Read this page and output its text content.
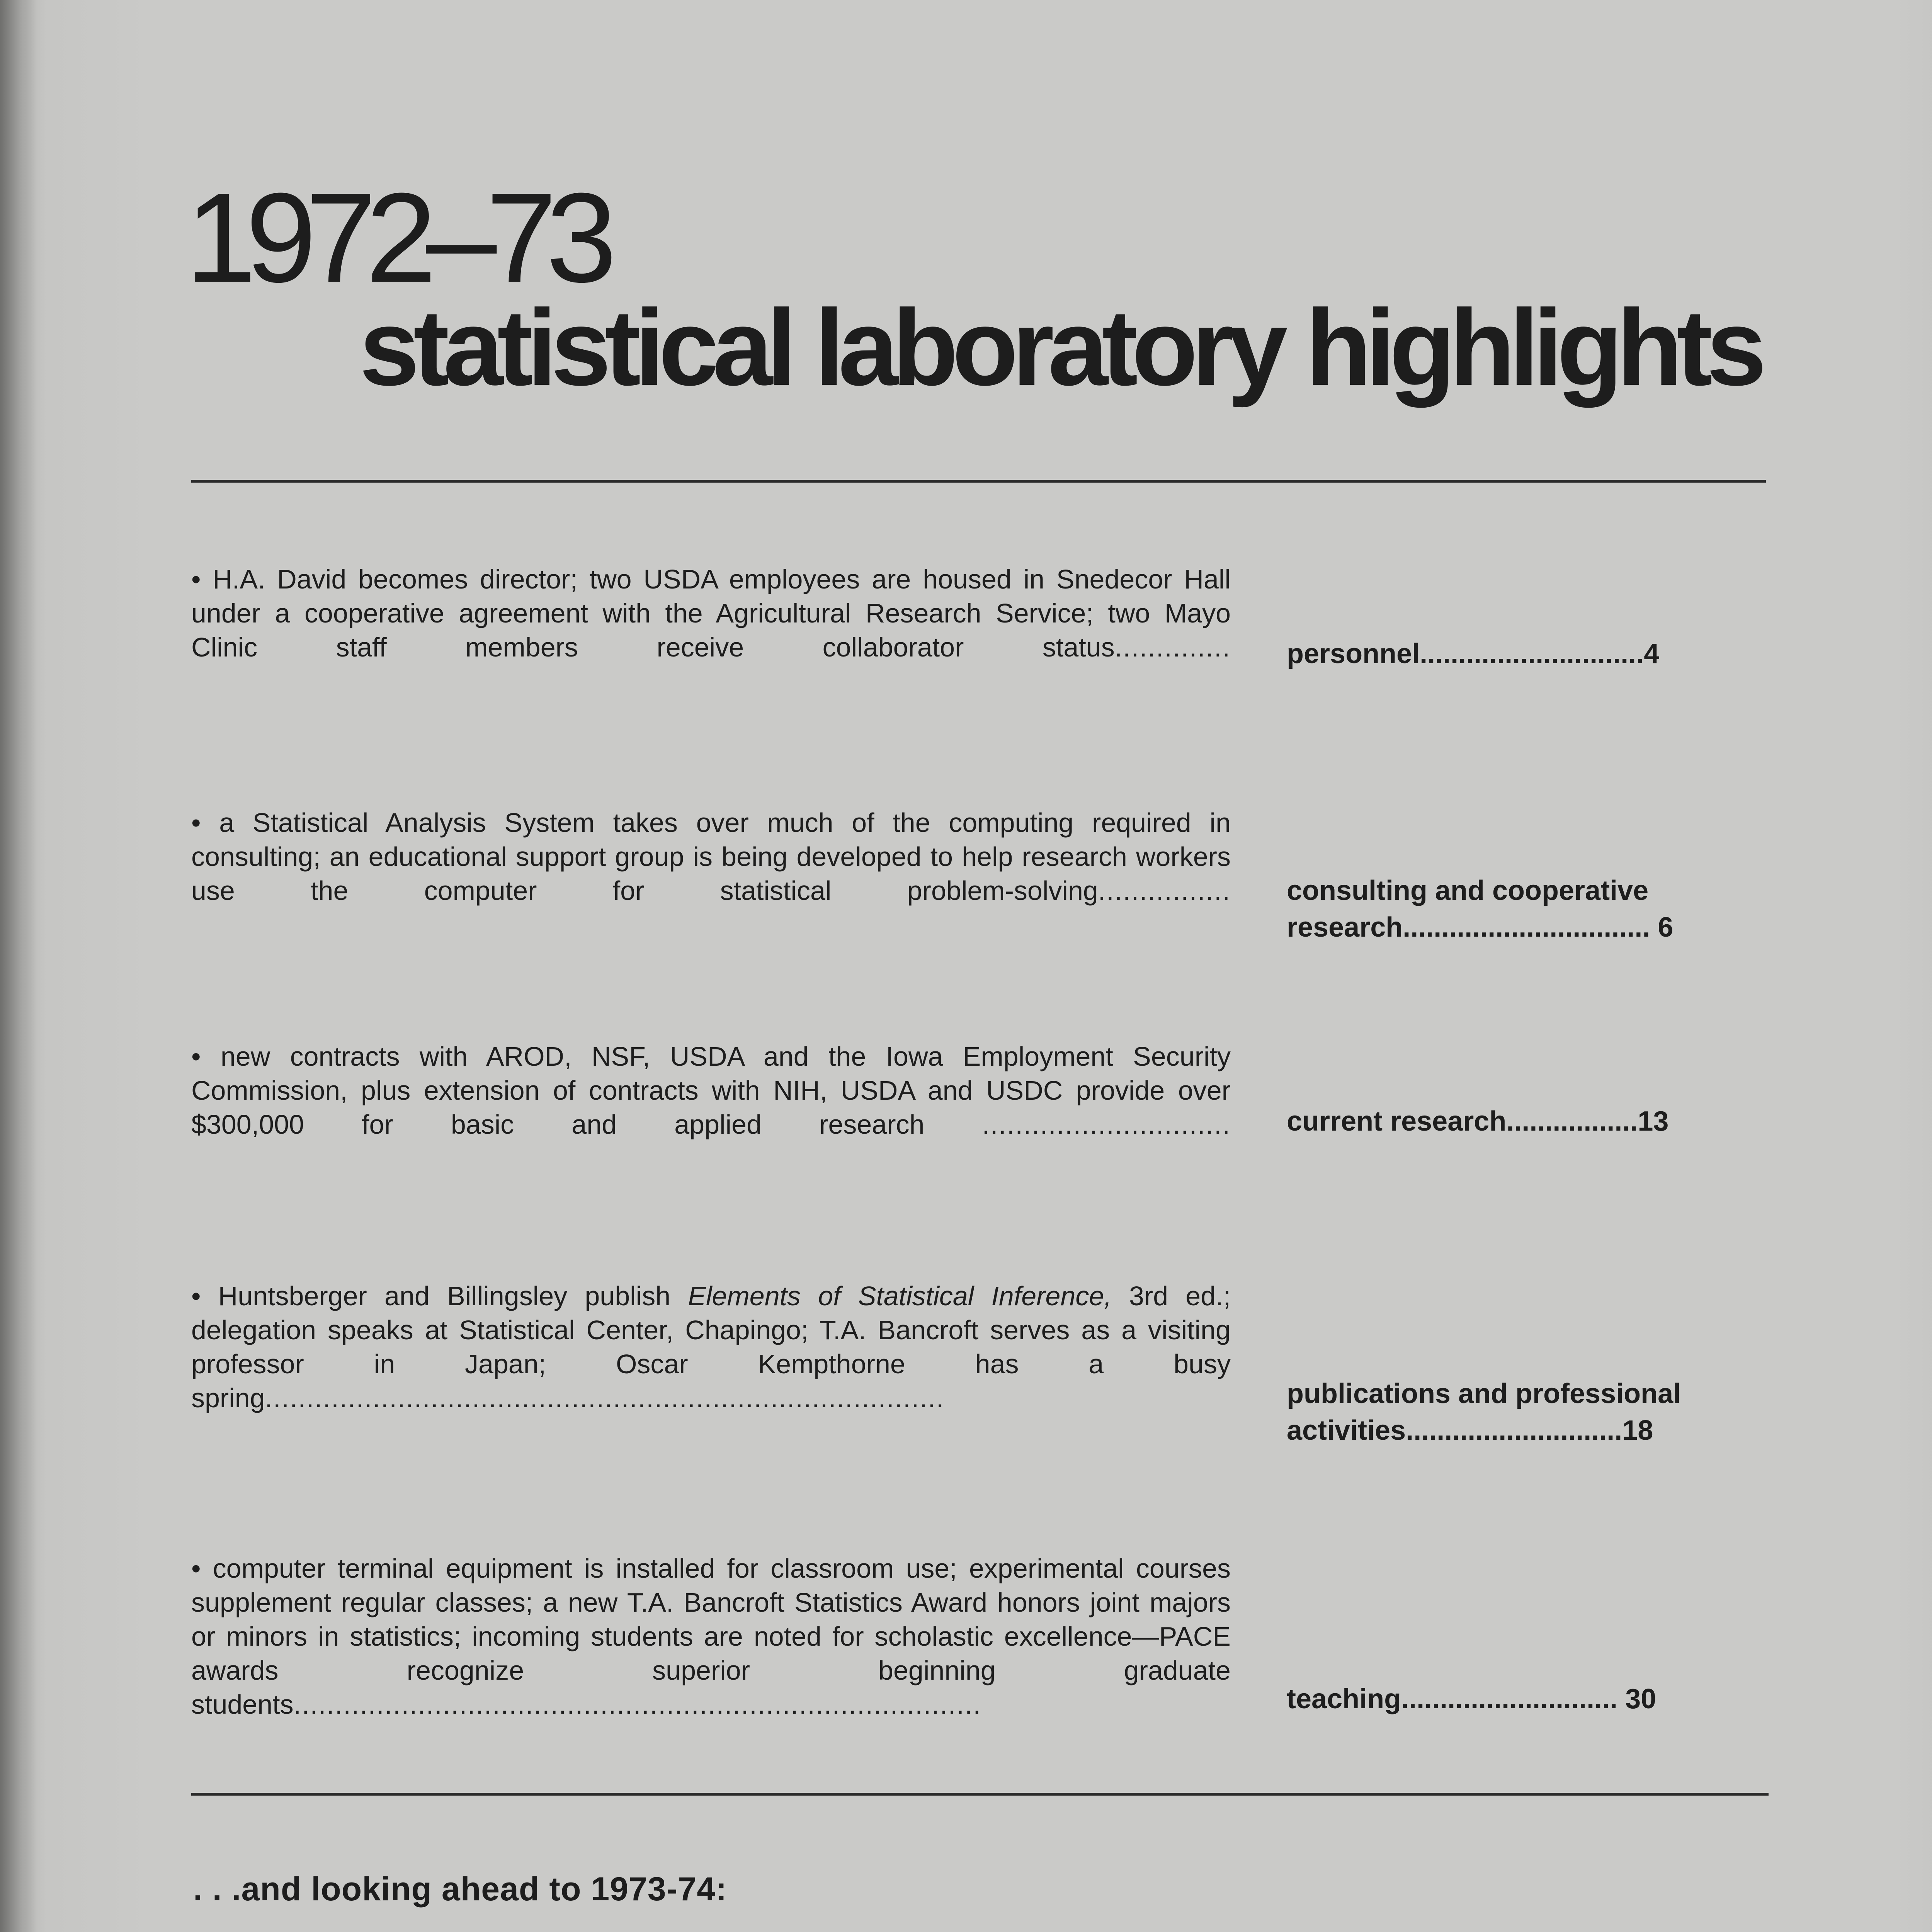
1972–73
statistical laboratory highlights
• H.A. David becomes director; two USDA employees are housed in Snedecor Hall under a cooperative agreement with the Agricultural Research Service; two Mayo Clinic staff members receive collaborator status.............. personnel.............................4
• a Statistical Analysis System takes over much of the computing required in consulting; an educational support group is being developed to help research workers use the computer for statistical problem-solving................ consulting and cooperative research................................ 6
• new contracts with AROD, NSF, USDA and the Iowa Employment Security Commission, plus extension of contracts with NIH, USDA and USDC provide over $300,000 for basic and applied research .............................. current research.................13
• Huntsberger and Billingsley publish Elements of Statistical Inference, 3rd ed.; delegation speaks at Statistical Center, Chapingo; T.A. Bancroft serves as a visiting professor in Japan; Oscar Kempthorne has a busy spring..................................................................................	publications and professional activities............................18
• computer terminal equipment is installed for classroom use; experimental courses supplement regular classes; a new T.A. Bancroft Statistics Award honors joint majors or minors in statistics; incoming students are noted for scholastic excellence—PACE awards recognize superior beginning graduate students...................................................................................	teaching............................ 30
. . .and looking ahead to 1973-74:
